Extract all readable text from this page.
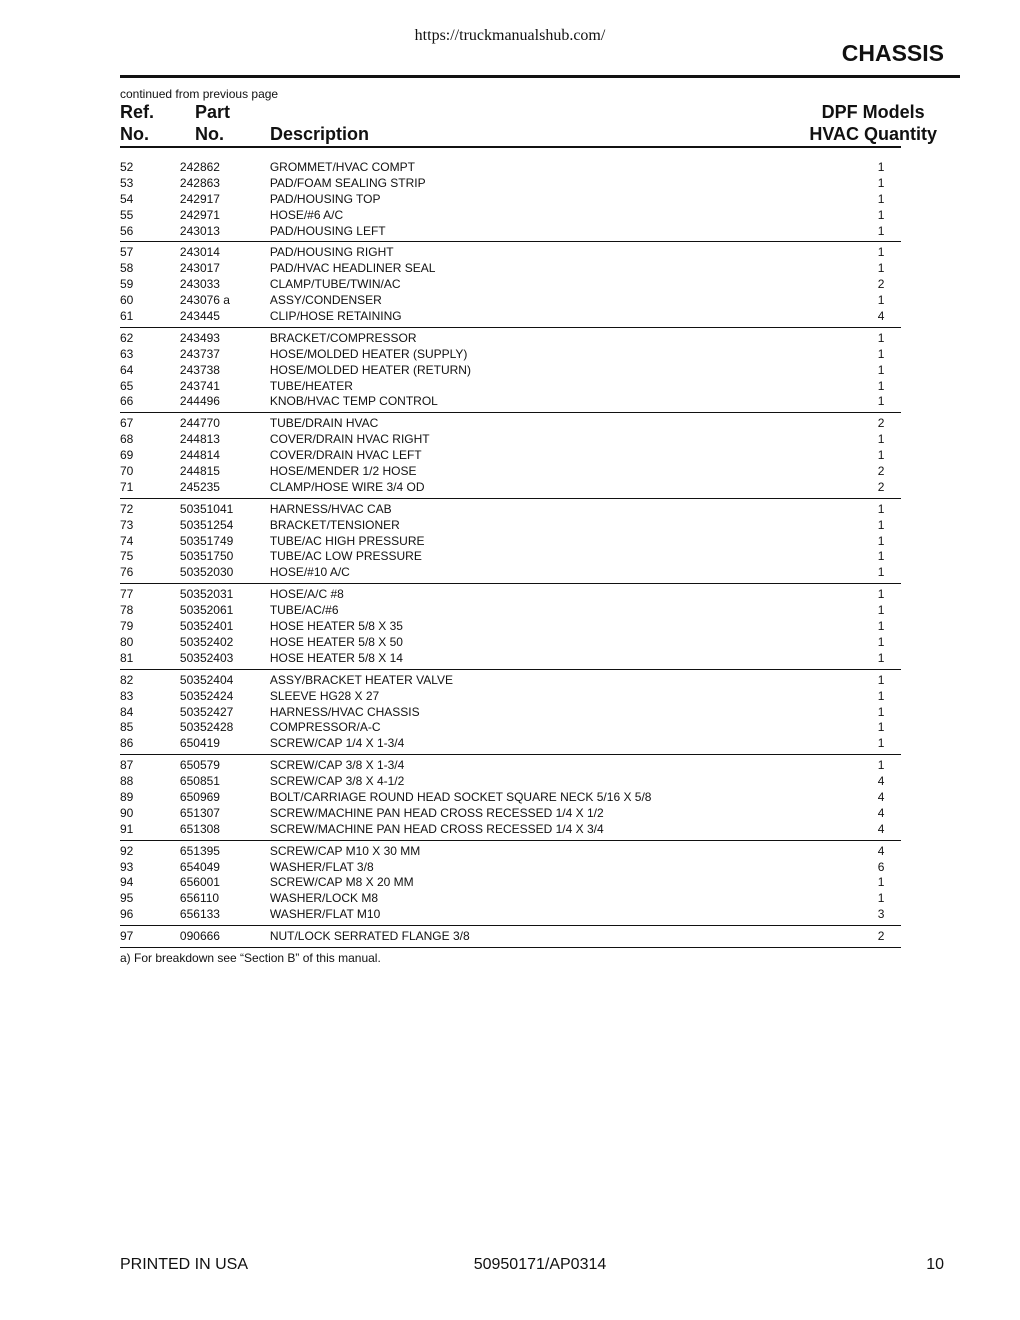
https://truckmanualshub.com/
CHASSIS
continued from previous page
Ref.
No.
Part
No.	Description
DPF Models
HVAC Quantity
52	242862	GROMMET/HVAC COMPT	1
53	242863	PAD/FOAM SEALING STRIP	1
54	242917	PAD/HOUSING TOP	1
55	242971	HOSE/#6 A/C	1
56	243013	PAD/HOUSING LEFT	1
57	243014	PAD/HOUSING RIGHT	1
58	243017	PAD/HVAC HEADLINER SEAL	1
59	243033	CLAMP/TUBE/TWIN/AC	2
60	243076 a	ASSY/CONDENSER	1
61	243445	CLIP/HOSE RETAINING	4
62	243493	BRACKET/COMPRESSOR	1
63	243737	HOSE/MOLDED HEATER (SUPPLY)	1
64	243738	HOSE/MOLDED HEATER (RETURN)	1
65	243741	TUBE/HEATER	1
66	244496	KNOB/HVAC TEMP CONTROL	1
67	244770	TUBE/DRAIN HVAC	2
68	244813	COVER/DRAIN HVAC RIGHT	1
69	244814	COVER/DRAIN HVAC LEFT	1
70	244815	HOSE/MENDER 1/2 HOSE	2
71	245235	CLAMP/HOSE WIRE 3/4 OD	2
72	50351041	HARNESS/HVAC CAB	1
73	50351254	BRACKET/TENSIONER	1
74	50351749	TUBE/AC HIGH PRESSURE	1
75	50351750	TUBE/AC LOW PRESSURE	1
76	50352030	HOSE/#10 A/C	1
77	50352031	HOSE/A/C #8	1
78	50352061	TUBE/AC/#6	1
79	50352401	HOSE HEATER 5/8 X 35	1
80	50352402	HOSE HEATER 5/8 X 50	1
81	50352403	HOSE HEATER 5/8 X 14	1
82	50352404	ASSY/BRACKET HEATER VALVE	1
83	50352424	SLEEVE HG28 X 27	1
84	50352427	HARNESS/HVAC CHASSIS	1
85	50352428	COMPRESSOR/A-C	1
86	650419	SCREW/CAP 1/4 X 1-3/4	1
87	650579	SCREW/CAP 3/8 X 1-3/4	1
88	650851	SCREW/CAP 3/8 X 4-1/2	4
89	650969	BOLT/CARRIAGE ROUND HEAD SOCKET SQUARE NECK 5/16 X 5/8	4
90	651307	SCREW/MACHINE PAN HEAD CROSS RECESSED 1/4 X 1/2	4
91	651308	SCREW/MACHINE PAN HEAD CROSS RECESSED 1/4 X 3/4	4
92	651395	SCREW/CAP M10 X 30 MM	4
93	654049	WASHER/FLAT 3/8	6
94	656001	SCREW/CAP M8 X 20 MM	1
95	656110	WASHER/LOCK M8	1
96	656133	WASHER/FLAT M10	3
97	090666	NUT/LOCK SERRATED FLANGE 3/8	2
a) For breakdown see “Section B” of this manual.
PRINTED IN USA	50950171/AP0314	10
